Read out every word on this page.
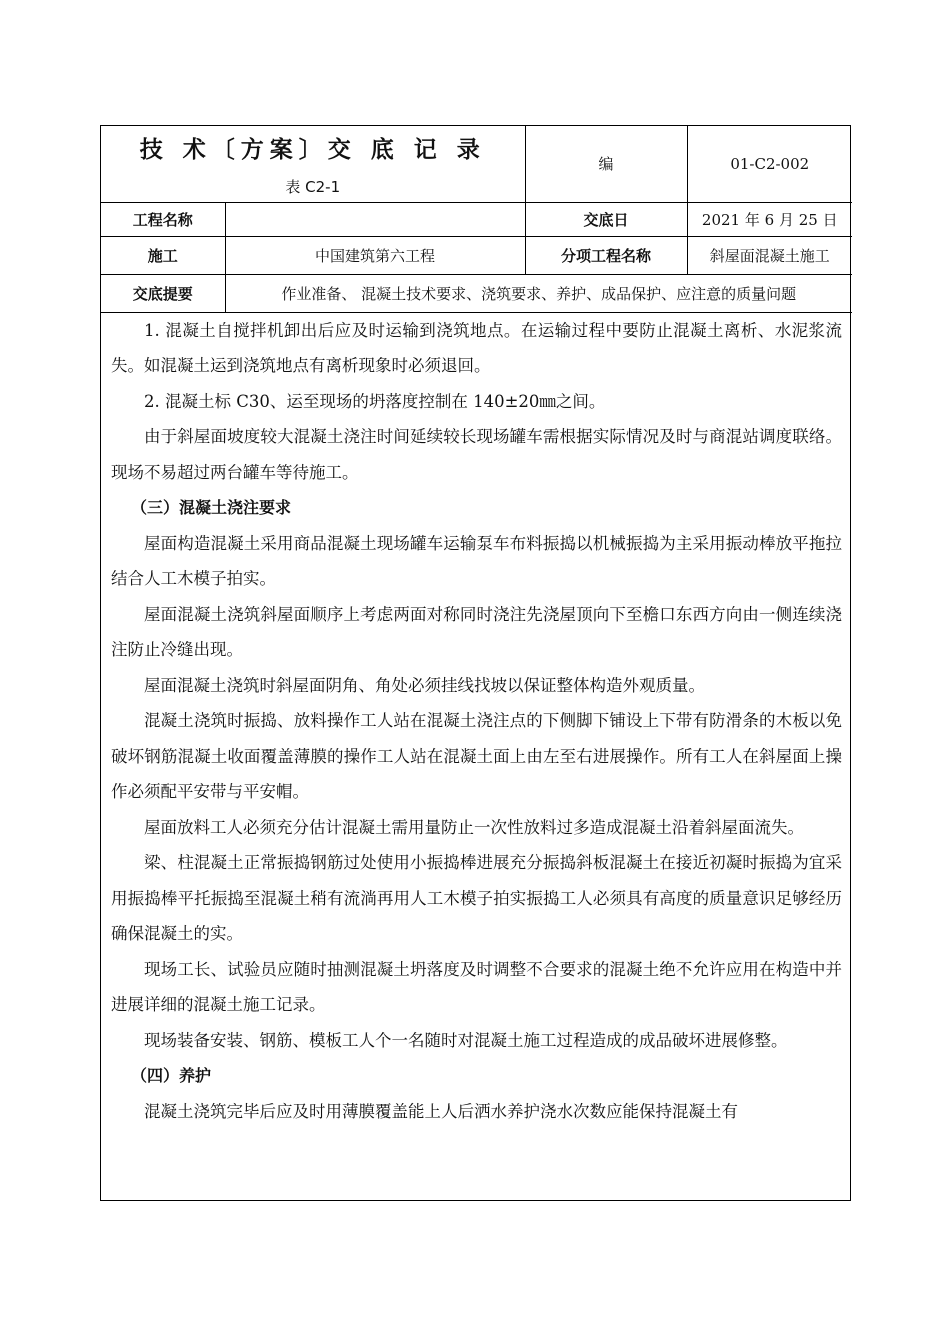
技 术〔方案〕交 底 记 录
表 C2-1		编	01-C2-002
工程名称		交底日	2021 年 6 月 25 日
施工	中国建筑第六工程	分项工程名称	斜屋面混凝土施工
交底提要	作业准备、 混凝土技术要求、浇筑要求、养护、成品保护、应注意的质量问题		

1. 混凝土自搅拌机卸出后应及时运输到浇筑地点。在运输过程中要防止混凝土离析、水泥浆流失。如混凝土运到浇筑地点有离析现象时必须退回。

2. 混凝土标 C30、运至现场的坍落度控制在 140±20㎜之间。

由于斜屋面坡度较大混凝土浇注时间延续较长现场罐车需根据实际情况及时与商混站调度联络。现场不易超过两台罐车等待施工。

（三）混凝土浇注要求

屋面构造混凝土采用商品混凝土现场罐车运输泵车布料振捣以机械振捣为主采用振动棒放平拖拉结合人工木模子拍实。

屋面混凝土浇筑斜屋面顺序上考虑两面对称同时浇注先浇屋顶向下至檐口东西方向由一侧连续浇注防止冷缝出现。

屋面混凝土浇筑时斜屋面阴角、角处必须挂线找坡以保证整体构造外观质量。

混凝土浇筑时振捣、放料操作工人站在混凝土浇注点的下侧脚下铺设上下带有防滑条的木板以免破坏钢筋混凝土收面覆盖薄膜的操作工人站在混凝土面上由左至右进展操作。所有工人在斜屋面上操作必须配平安带与平安帽。

屋面放料工人必须充分估计混凝土需用量防止一次性放料过多造成混凝土沿着斜屋面流失。

梁、柱混凝土正常振捣钢筋过处使用小振捣棒进展充分振捣斜板混凝土在接近初凝时振捣为宜采用振捣棒平托振捣至混凝土稍有流淌再用人工木模子拍实振捣工人必须具有高度的质量意识足够经历确保混凝土的实。

现场工长、试验员应随时抽测混凝土坍落度及时调整不合要求的混凝土绝不允许应用在构造中并进展详细的混凝土施工记录。

现场装备安装、钢筋、模板工人个一名随时对混凝土施工过程造成的成品破坏进展修整。

（四）养护

混凝土浇筑完毕后应及时用薄膜覆盖能上人后洒水养护浇水次数应能保持混凝土有
